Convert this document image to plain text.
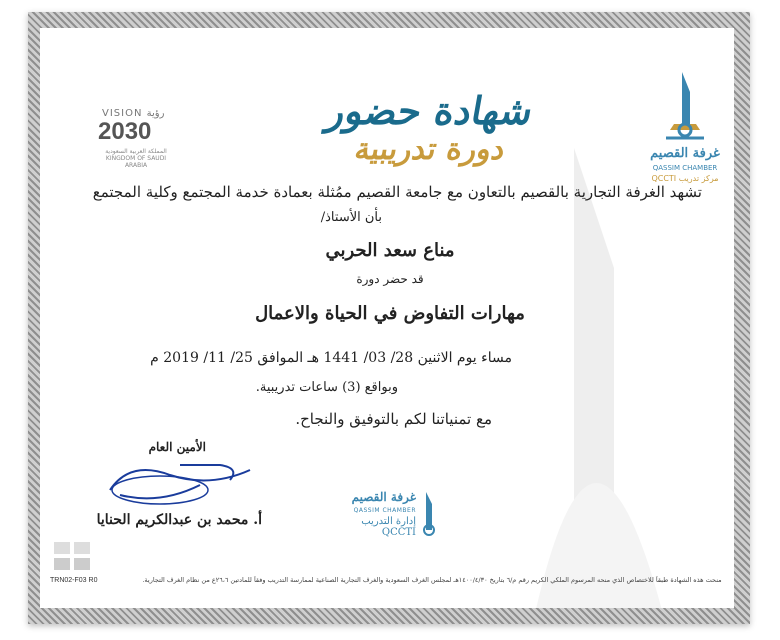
VISION رؤية
2030
المملكة العربية السعودية KINGDOM OF SAUDI ARABIA
شهادة حضور
دورة تدريبية	غرفة القصيم
QASSIM CHAMBER
مركز تدريب QCCTI
تشهد الغرفة التجارية بالقصيم بالتعاون مع جامعة القصيم ممُثلة بعمادة خدمة المجتمع وكلية المجتمع
بأن الأستاذ/
مناع سعد الحربي
قد حضر دورة
مهارات التفاوض في الحياة والاعمال
مساء يوم الاثنين 28/ 03/ 1441 هـ الموافق 25/ 11/ 2019 م
وبواقع (3) ساعات تدريبية.
مع تمنياتنا لكم بالتوفيق والنجاح.
الأمين العام
أ. محمد بن عبدالكريم الحنايا
غرفة القصيم
QASSIM CHAMBER
إدارة التدريب QCCTI
TRN02-F03 R0	منحت هذه الشهادة طبقاً للاختصاص الذي منحه المرسوم الملكي الكريم رقم م/٦ بتاريخ ١٤٠٠/٤/٣٠هـ لمجلس الغرف السعودية والغرف التجارية الصناعية لممارسة التدريب وفقاً للمادتين ٢٦،٦ع من نظام الغرف التجارية.
